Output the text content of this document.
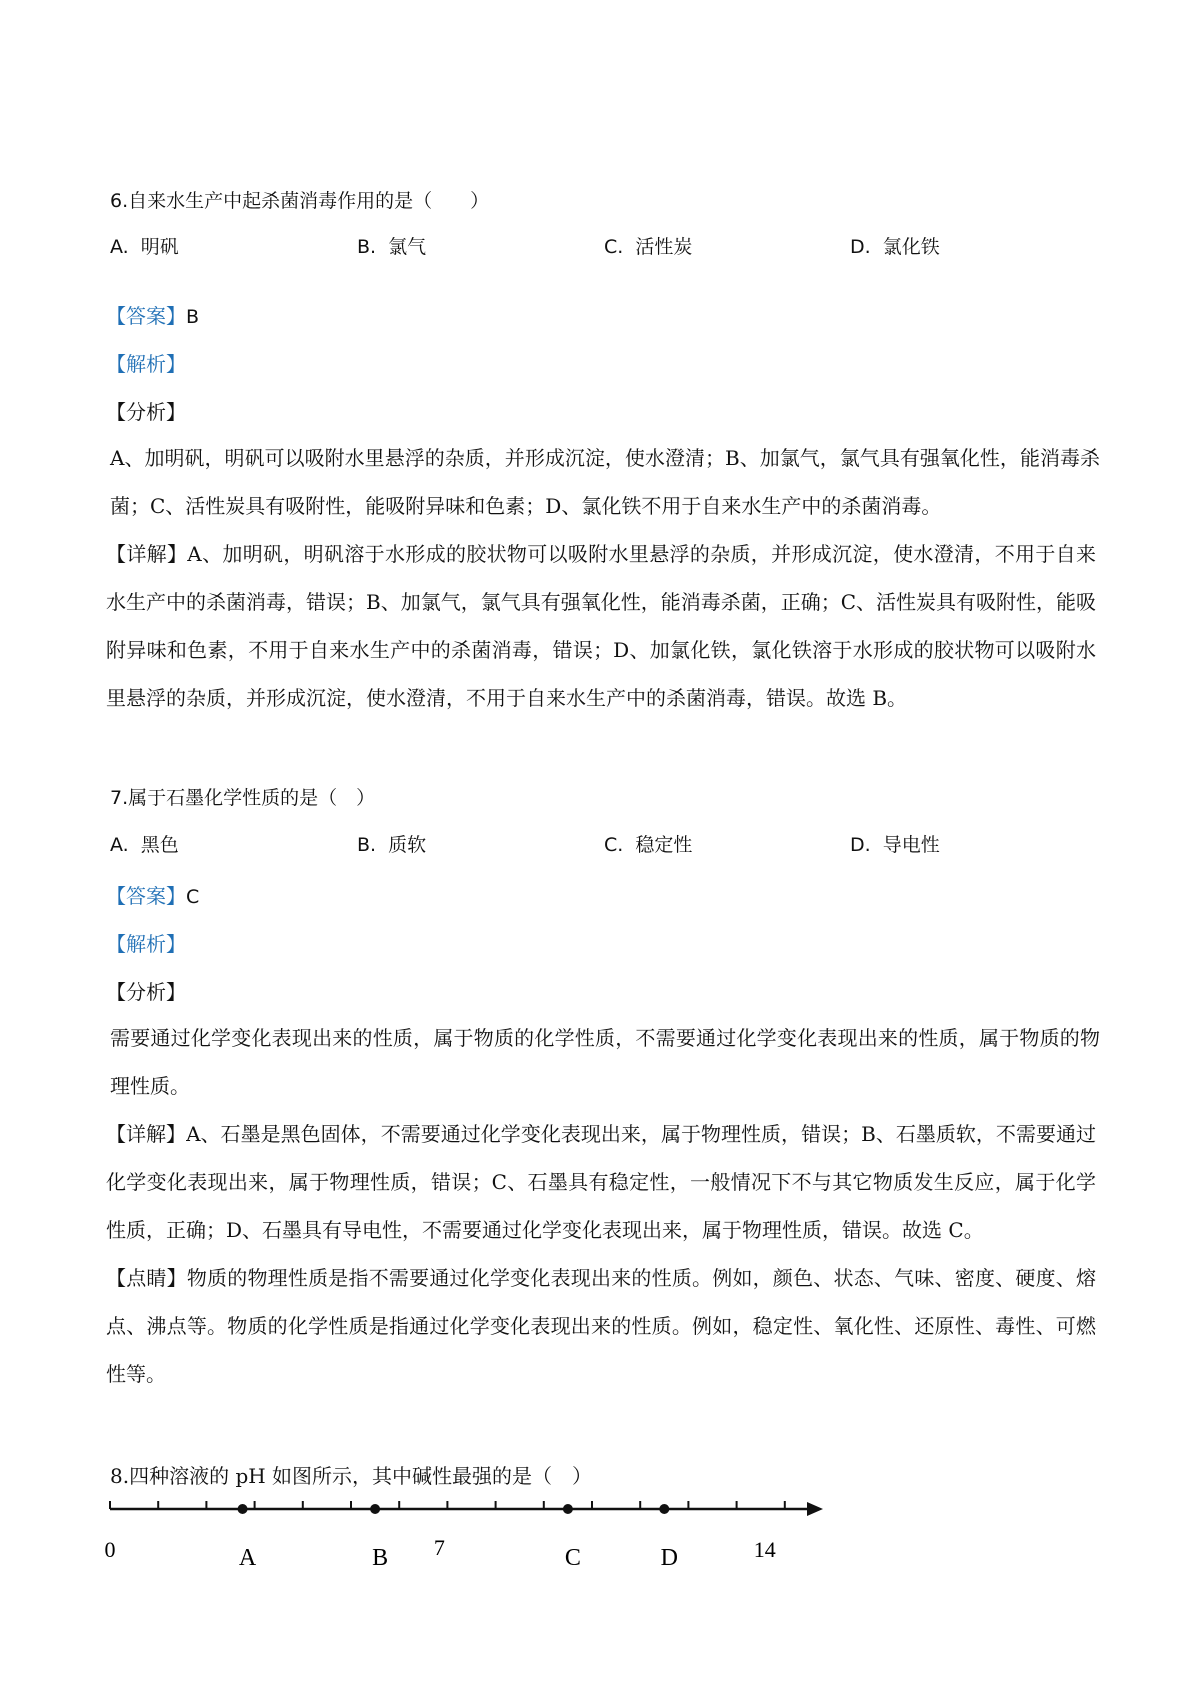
6.自来水生产中起杀菌消毒作用的是（　　）
A. 明矾	B. 氯气	C. 活性炭	D. 氯化铁
【答案】B
【解析】
【分析】
A、加明矾，明矾可以吸附水里悬浮的杂质，并形成沉淀，使水澄清；B、加氯气，氯气具有强氧化性，能消毒杀菌；C、活性炭具有吸附性，能吸附异味和色素；D、氯化铁不用于自来水生产中的杀菌消毒。
【详解】A、加明矾，明矾溶于水形成的胶状物可以吸附水里悬浮的杂质，并形成沉淀，使水澄清，不用于自来水生产中的杀菌消毒，错误；B、加氯气，氯气具有强氧化性，能消毒杀菌，正确；C、活性炭具有吸附性，能吸附异味和色素，不用于自来水生产中的杀菌消毒，错误；D、加氯化铁，氯化铁溶于水形成的胶状物可以吸附水里悬浮的杂质，并形成沉淀，使水澄清，不用于自来水生产中的杀菌消毒，错误。故选 B。
7.属于石墨化学性质的是（　）
A. 黑色	B. 质软	C. 稳定性	D. 导电性
【答案】C
【解析】
【分析】
需要通过化学变化表现出来的性质，属于物质的化学性质，不需要通过化学变化表现出来的性质，属于物质的物理性质。
【详解】A、石墨是黑色固体，不需要通过化学变化表现出来，属于物理性质，错误；B、石墨质软，不需要通过化学变化表现出来，属于物理性质，错误；C、石墨具有稳定性，一般情况下不与其它物质发生反应，属于化学性质，正确；D、石墨具有导电性，不需要通过化学变化表现出来，属于物理性质，错误。故选 C。
【点睛】物质的物理性质是指不需要通过化学变化表现出来的性质。例如，颜色、状态、气味、密度、硬度、熔点、沸点等。物质的化学性质是指通过化学变化表现出来的性质。例如，稳定性、氧化性、还原性、毒性、可燃性等。
8.四种溶液的 pH 如图所示，其中碱性最强的是（　）
A	B	C	D
0	7	14
